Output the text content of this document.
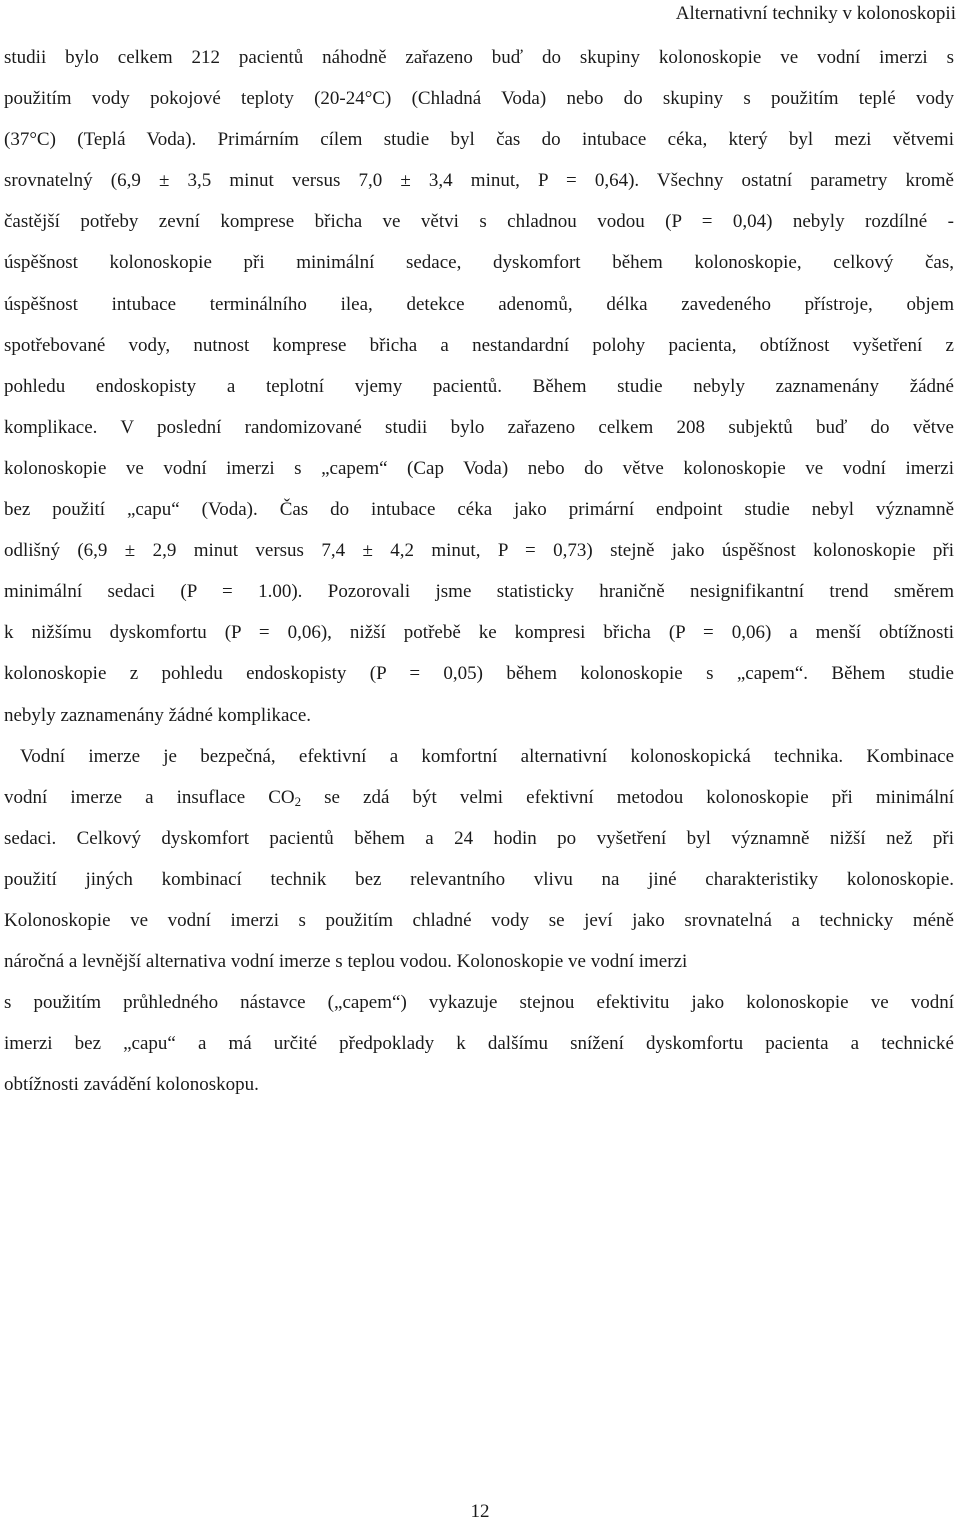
Alternativní techniky v kolonoskopii
studii bylo celkem 212 pacientů náhodně zařazeno buď do skupiny kolonoskopie ve vodní imerzi s
použitím vody pokojové teploty (20-24°C) (Chladná Voda) nebo do skupiny s použitím teplé vody
(37°C) (Teplá Voda). Primárním cílem studie byl čas do intubace céka, který byl mezi větvemi
srovnatelný (6,9 ± 3,5 minut versus 7,0 ± 3,4 minut, P = 0,64). Všechny ostatní parametry kromě
častější potřeby zevní komprese břicha ve větvi s chladnou vodou (P = 0,04) nebyly rozdílné -
úspěšnost kolonoskopie při minimální sedace, dyskomfort během kolonoskopie, celkový čas,
úspěšnost intubace terminálního ilea, detekce adenomů, délka zavedeného přístroje, objem
spotřebované vody, nutnost komprese břicha a nestandardní polohy pacienta, obtížnost vyšetření z
pohledu endoskopisty a teplotní vjemy pacientů. Během studie nebyly zaznamenány žádné
komplikace. V poslední randomizované studii bylo zařazeno celkem 208 subjektů buď do větve
kolonoskopie ve vodní imerzi s „capem“ (Cap Voda) nebo do větve kolonoskopie ve vodní imerzi
bez použití „capu“ (Voda). Čas do intubace céka jako primární endpoint studie nebyl významně
odlišný (6,9 ± 2,9 minut versus 7,4 ± 4,2 minut, P = 0,73) stejně jako úspěšnost kolonoskopie při
minimální sedaci (P = 1.00). Pozorovali jsme statisticky hraničně nesignifikantní trend směrem
k nižšímu dyskomfortu (P = 0,06), nižší potřebě ke kompresi břicha (P = 0,06) a menší obtížnosti
kolonoskopie z pohledu endoskopisty (P = 0,05) během kolonoskopie s „capem“. Během studie
nebyly zaznamenány žádné komplikace.
Vodní imerze je bezpečná, efektivní a komfortní alternativní kolonoskopická technika. Kombinace
vodní imerze a insuflace $CO_2$ se zdá být velmi efektivní metodou kolonoskopie při minimální
sedaci. Celkový dyskomfort pacientů během a 24 hodin po vyšetření byl významně nižší než při
použití jiných kombinací technik bez relevantního vlivu na jiné charakteristiky kolonoskopie.
Kolonoskopie ve vodní imerzi s použitím chladné vody se jeví jako srovnatelná a technicky méně
náročná a levnější alternativa vodní imerze s teplou vodou. Kolonoskopie ve vodní imerzi
s použitím průhledného nástavce („capem“) vykazuje stejnou efektivitu jako kolonoskopie ve vodní
imerzi bez „capu“ a má určité předpoklady k dalšímu snížení dyskomfortu pacienta a technické
obtížnosti zavádění kolonoskopu.
12
